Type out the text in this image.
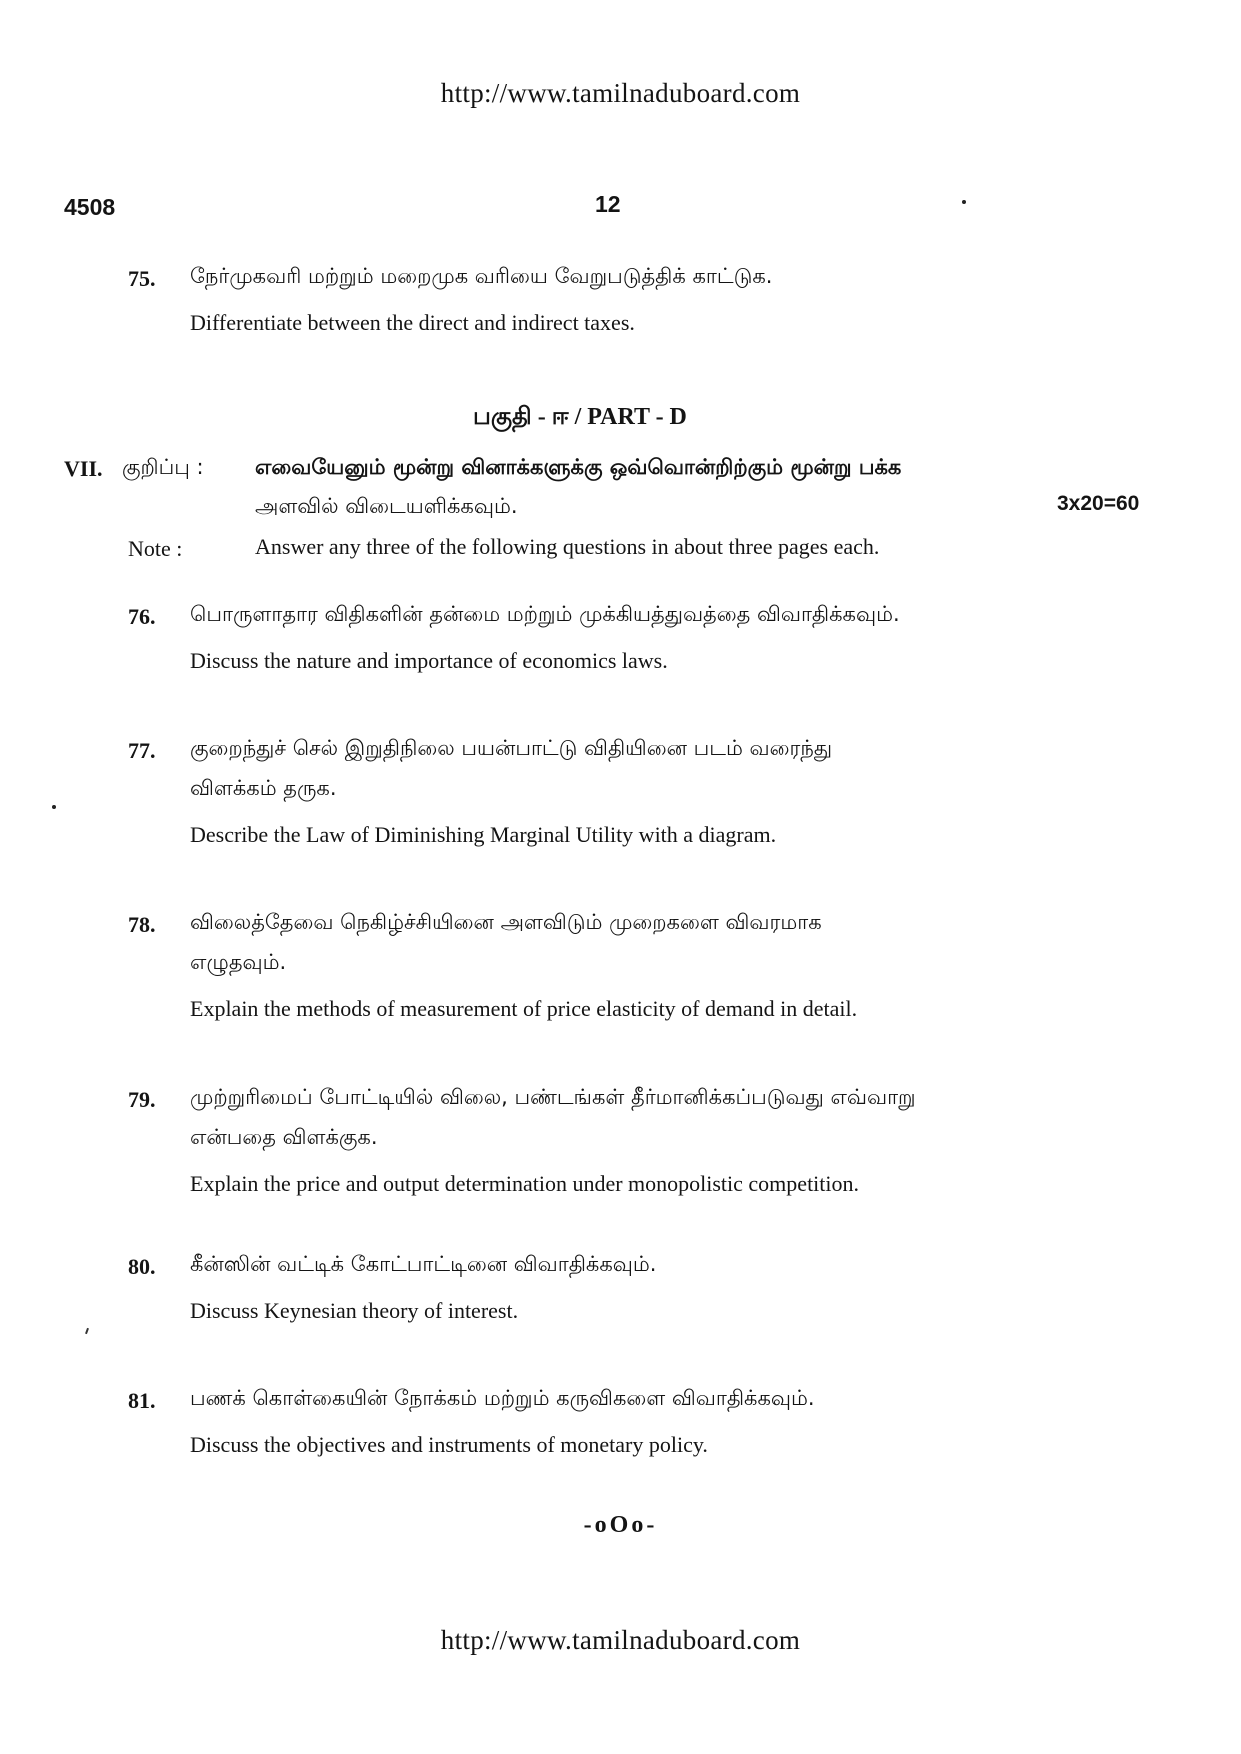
http://www.tamilnaduboard.com
4508	12
75. நேர்முகவரி மற்றும் மறைமுக வரியை வேறுபடுத்திக் காட்டுக.
Differentiate between the direct and indirect taxes.
பகுதி - ஈ / PART - D
VII. குறிப்பு : எவையேனும் மூன்று வினாக்களுக்கு ஒவ்வொன்றிற்கும் மூன்று பக்க
அளவில் விடையளிக்கவும்.	3x20=60
Note :	Answer any three of the following questions in about three pages each.
76. பொருளாதார விதிகளின் தன்மை மற்றும் முக்கியத்துவத்தை விவாதிக்கவும்.
Discuss the nature and importance of economics laws.
77. குறைந்துச் செல் இறுதிநிலை பயன்பாட்டு விதியினை படம் வரைந்து
விளக்கம் தருக.
Describe the Law of Diminishing Marginal Utility with a diagram.
78. விலைத்தேவை நெகிழ்ச்சியினை அளவிடும் முறைகளை விவரமாக
எழுதவும்.
Explain the methods of measurement of price elasticity of demand in detail.
79. முற்றுரிமைப் போட்டியில் விலை, பண்டங்கள் தீர்மானிக்கப்படுவது எவ்வாறு
என்பதை விளக்குக.
Explain the price and output determination under monopolistic competition.
80. கீன்ஸின் வட்டிக் கோட்பாட்டினை விவாதிக்கவும்.
Discuss Keynesian theory of interest.
81. பணக் கொள்கையின் நோக்கம் மற்றும் கருவிகளை விவாதிக்கவும்.
Discuss the objectives and instruments of monetary policy.
-oOo-
http://www.tamilnaduboard.com
